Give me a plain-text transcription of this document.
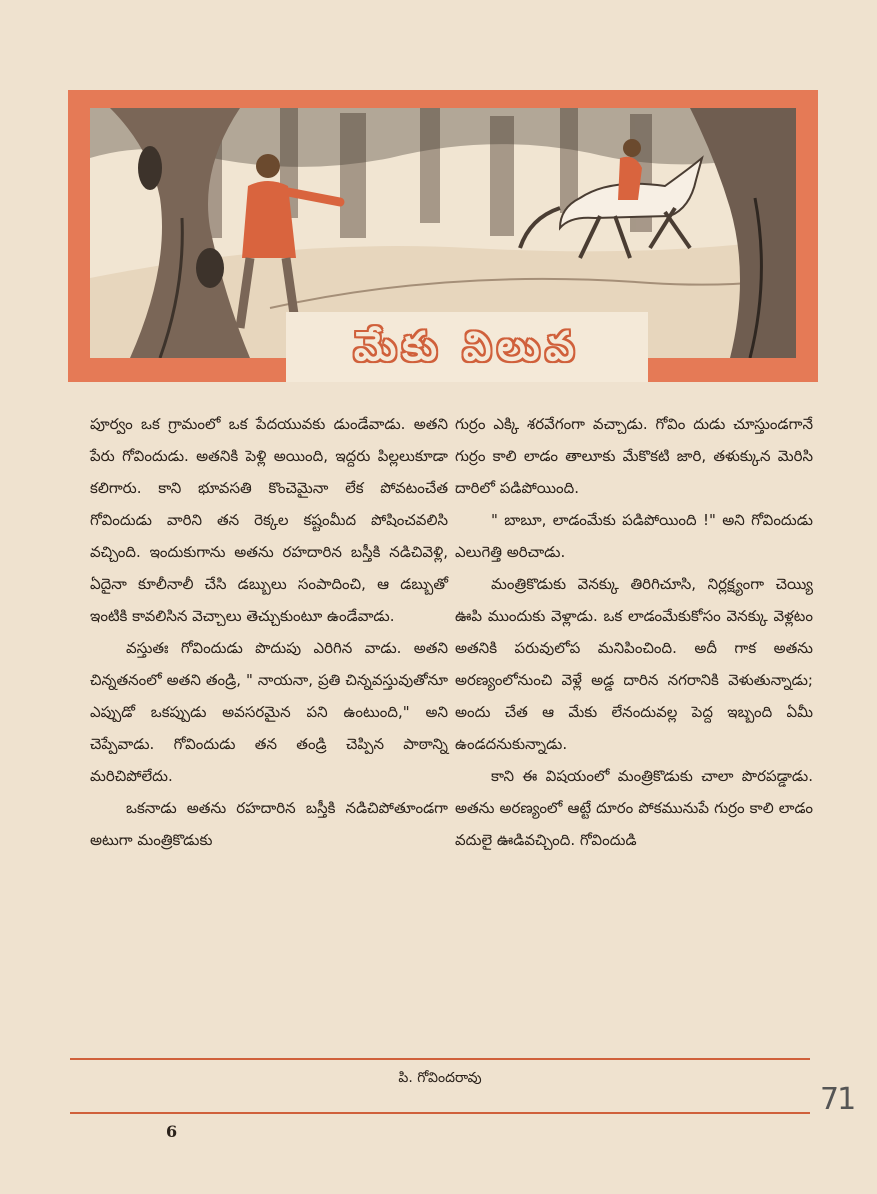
మేకు విలువ

పూర్వం ఒక గ్రామంలో ఒక పేదయువకు డుండేవాడు. అతని పేరు గోవిందుడు. అతనికి పెళ్లి అయింది, ఇద్దరు పిల్లలుకూడా కలిగారు. కాని భూవసతి కొంచెమైనా లేక పోవటంచేత గోవిందుడు వారిని తన రెక్కల కష్టంమీద పోషించవలిసి వచ్చింది. ఇందుకుగాను అతను రహదారిన బస్తీకి నడిచివెళ్లి, ఏదైనా కూలీనాలీ చేసి డబ్బులు సంపాదించి, ఆ డబ్బుతో ఇంటికి కావలిసిన వెచ్చాలు తెచ్చుకుంటూ ఉండేవాడు.

వస్తుతః గోవిందుడు పొదుపు ఎరిగిన వాడు. అతని చిన్నతనంలో అతని తండ్రి, " నాయనా, ప్రతి చిన్నవస్తువుతోనూ ఎప్పుడో ఒకప్పుడు అవసరమైన పని ఉంటుంది," అని చెప్పేవాడు. గోవిందుడు తన తండ్రి చెప్పిన పాఠాన్ని మరిచిపోలేదు.

ఒకనాడు అతను రహదారిన బస్తీకి నడిచిపోతూండగా అటుగా మంత్రికొడుకు

గుర్రం ఎక్కి శరవేగంగా వచ్చాడు. గోవిం దుడు చూస్తుండగానే గుర్రం కాలి లాడం తాలూకు మేకొకటి జారి, తళుక్కున మెరిసి దారిలో పడిపోయింది.

" బాబూ, లాడంమేకు పడిపోయింది !" అని గోవిందుడు ఎలుగెత్తి అరిచాడు.

మంత్రికొడుకు వెనక్కు తిరిగిచూసి, నిర్లక్ష్యంగా చెయ్యి ఊపి ముందుకు వెళ్లాడు. ఒక లాడంమేకుకోసం వెనక్కు వెళ్లటం అతనికి పరువులోప మనిపించింది. అదీ గాక అతను అరణ్యంలోనుంచి వెళ్లే అడ్డ దారిన నగరానికి వెళుతున్నాడు; అందు చేత ఆ మేకు లేనందువల్ల పెద్ద ఇబ్బంది ఏమీ ఉండదనుకున్నాడు.

కాని ఈ విషయంలో మంత్రికొడుకు చాలా పొరపడ్డాడు. అతను అరణ్యంలో ఆట్టే దూరం పోకమునుపే గుర్రం కాలి లాడం వదులై ఊడివచ్చింది. గోవిందుడి

పి. గోవిందరావు
6
71
